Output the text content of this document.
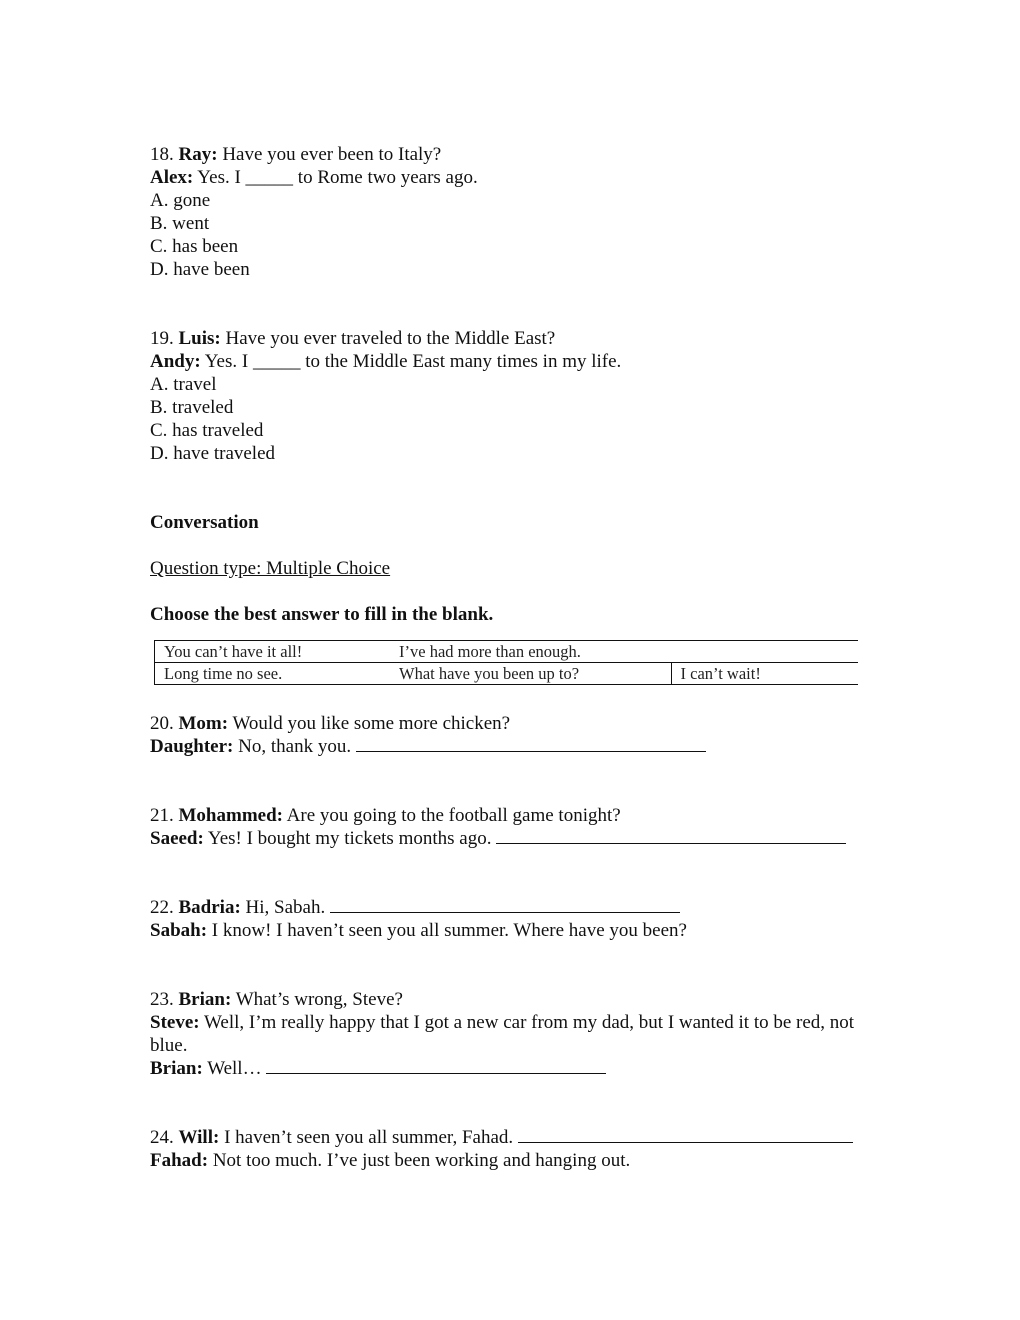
18. Ray: Have you ever been to Italy?
Alex: Yes. I _____ to Rome two years ago.
A. gone
B. went
C. has been
D. have been
19. Luis: Have you ever traveled to the Middle East?
Andy: Yes. I _____ to the Middle East many times in my life.
A. travel
B. traveled
C. has traveled
D. have traveled
Conversation
Question type: Multiple Choice
Choose the best answer to fill in the blank.
You can’t have it all!	I’ve had more than enough.	
Long time no see.	What have you been up to?	I can’t wait!
20. Mom: Would you like some more chicken?
Daughter: No, thank you.
21. Mohammed: Are you going to the football game tonight?
Saeed: Yes! I bought my tickets months ago.
22. Badria: Hi, Sabah.
Sabah: I know! I haven’t seen you all summer. Where have you been?
23. Brian: What’s wrong, Steve?
Steve: Well, I’m really happy that I got a new car from my dad, but I wanted it to be red, not blue.
Brian: Well…
24. Will: I haven’t seen you all summer, Fahad.
Fahad: Not too much. I’ve just been working and hanging out.
